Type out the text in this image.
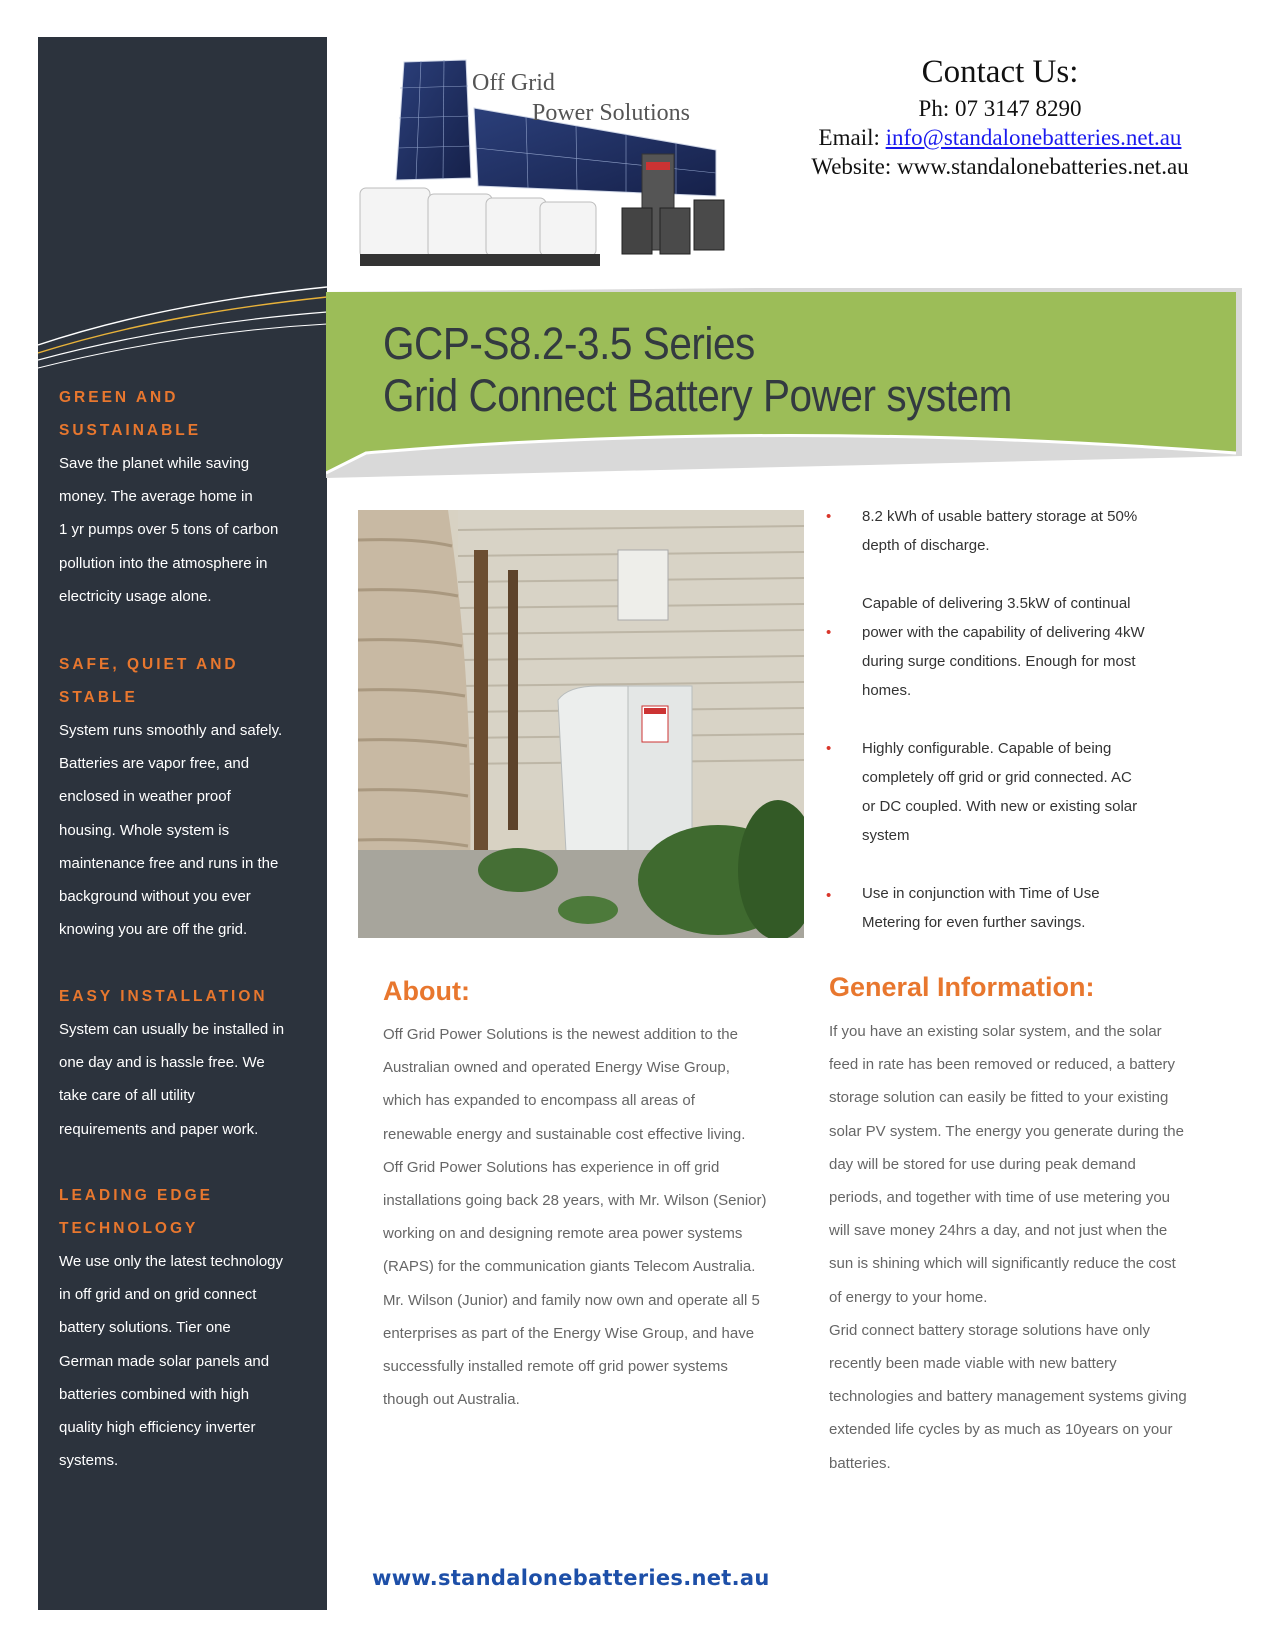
GREEN AND

SUSTAINABLE

Save the planet while saving

money. The average home in

1 yr pumps over 5 tons of carbon

pollution into the atmosphere in

electricity usage alone.

SAFE, QUIET AND

STABLE

System runs smoothly and safely.

Batteries are vapor free, and

enclosed in weather proof

housing. Whole system is

maintenance free and runs in the

background without you ever

knowing you are off the grid.

EASY INSTALLATION

System can usually be installed in

one day and is hassle free. We

take care of all utility

requirements and paper work.

LEADING EDGE

TECHNOLOGY

We use only the latest technology

in off grid and on grid connect

battery solutions. Tier one

German made solar panels and

batteries combined with high

quality high efficiency inverter

systems.

Off Grid
Power Solutions
Contact Us:
Ph: 07 3147 8290
Email: info@standalonebatteries.net.au
Website: www.standalonebatteries.net.au
GCP-S8.2-3.5 Series
Grid Connect Battery Power system
• 8.2 kWh of usable battery storage at 50%
depth of discharge.
•
Capable of delivering 3.5kW of continual
power with the capability of delivering 4kW
during surge conditions. Enough for most
homes.
• Highly configurable. Capable of being
completely off grid or grid connected. AC
or DC coupled. With new or existing solar
system
• Use in conjunction with Time of Use
Metering for even further savings.
About:
Off Grid Power Solutions is the newest addition to the
Australian owned and operated Energy Wise Group,
which has expanded to encompass all areas of
renewable energy and sustainable cost effective living.
Off Grid Power Solutions has experience in off grid
installations going back 28 years, with Mr. Wilson (Senior)
working on and designing remote area power systems
(RAPS) for the communication giants Telecom Australia.
Mr. Wilson (Junior) and family now own and operate all 5
enterprises as part of the Energy Wise Group, and have
successfully installed remote off grid power systems
though out Australia.
General Information:
If you have an existing solar system, and the solar
feed in rate has been removed or reduced, a battery
storage solution can easily be fitted to your existing
solar PV system. The energy you generate during the
day will be stored for use during peak demand
periods, and together with time of use metering you
will save money 24hrs a day, and not just when the
sun is shining which will significantly reduce the cost
of energy to your home.
Grid connect battery storage solutions have only
recently been made viable with new battery
technologies and battery management systems giving
extended life cycles by as much as 10years on your
batteries.
www.standalonebatteries.net.au
